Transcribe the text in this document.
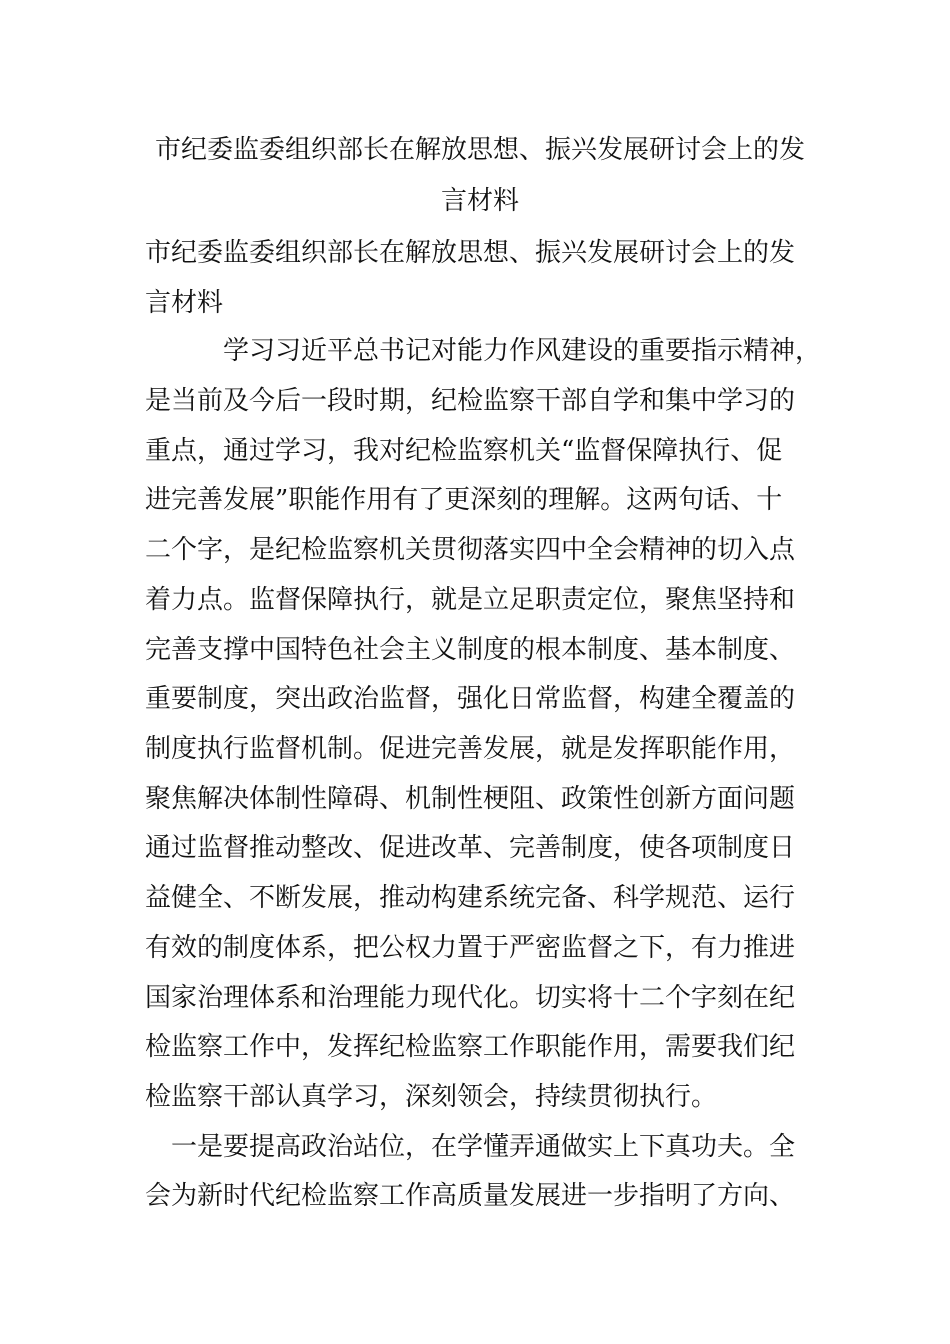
市纪委监委组织部长在解放思想、振兴发展研讨会上的发
言材料
市纪委监委组织部长在解放思想、振兴发展研讨会上的发
言材料
　　　学习习近平总书记对能力作风建设的重要指示精神，
是当前及今后一段时期，纪检监察干部自学和集中学习的
重点，通过学习，我对纪检监察机关“监督保障执行、促
进完善发展”职能作用有了更深刻的理解。这两句话、十
二个字，是纪检监察机关贯彻落实四中全会精神的切入点
着力点。监督保障执行，就是立足职责定位，聚焦坚持和
完善支撑中国特色社会主义制度的根本制度、基本制度、
重要制度，突出政治监督，强化日常监督，构建全覆盖的
制度执行监督机制。促进完善发展，就是发挥职能作用，
聚焦解决体制性障碍、机制性梗阻、政策性创新方面问题
通过监督推动整改、促进改革、完善制度，使各项制度日
益健全、不断发展，推动构建系统完备、科学规范、运行
有效的制度体系，把公权力置于严密监督之下，有力推进
国家治理体系和治理能力现代化。切实将十二个字刻在纪
检监察工作中，发挥纪检监察工作职能作用，需要我们纪
检监察干部认真学习，深刻领会，持续贯彻执行。
　一是要提高政治站位，在学懂弄通做实上下真功夫。全
会为新时代纪检监察工作高质量发展进一步指明了方向、
